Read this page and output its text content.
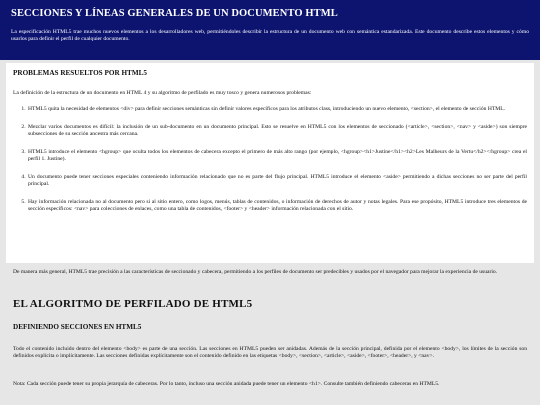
SECCIONES Y LÍNEAS GENERALES DE UN DOCUMENTO HTML

La especificación HTML5 trae muchos nuevos elementos a los desarrolladores web, permitiéndoles describir la estructura de un documento web con semántica estandarizada. Este documento describe estos elementos y cómo usarlos para definir el perfil de cualquier documento.

PROBLEMAS RESUELTOS POR HTML5

La definición de la estructura de un documento en HTML 4 y su algoritmo de perfilado es muy tosco y genera numerosos problemas:

1. HTML5 quita la necesidad de elementos <div> para definir secciones semánticas sin definir valores específicos para los atributos class, introduciendo un nuevo elemento, <section>, el elemento de sección HTML.
2. Mezclar varios documentos es difícil: la inclusión de un sub-documento en un documento principal. Esto se resuelve en HTML5 con los elementos de seccionado (<article>, <section>, <nav> y <aside>) son siempre subsecciones de su sección ancestra más cercana.
3. HTML5 introduce el elemento <hgroup> que oculta todos los elementos de cabecera excepto el primero de más alto rango (por ejemplo, <hgroup><h1>Justine</h1><h2>Les Malheurs de la Vertu</h2></hgroup> crea el perfil 1. Justine).
4. Un documento puede tener secciones especiales conteniendo información relacionado que no es parte del flujo principal. HTML5 introduce el elemento <aside> permitiendo a dichas secciones no ser parte del perfil principal.
5. Hay información relacionada no al documento pero si al sitio entero, como logos, menús, tablas de contenidos, o información de derechos de autor y notas legales. Para ese propósito, HTML5 introduce tres elementos de sección específicos: <nav> para colecciones de enlaces, como una tabla de contenidos, <footer> y <header> información relacionada con el sitio.

De manera más general, HTML5 trae precisión a las características de seccionado y cabecera, permitiendo a los perfiles de documento ser predecibles y usados por el navegador para mejorar la experiencia de usuario.

EL ALGORITMO DE PERFILADO DE HTML5
DEFINIENDO SECCIONES EN HTML5

Todo el contenido incluido dentro del elemento <body> es parte de una sección. Las secciones en HTML5 pueden ser anidadas. Además de la sección principal, definida por el elemento <body>, los límites de la sección son definidos explícita o implícitamente. Las secciones definidas explícitamente son el contenido definido en las etiquetas <body>, <section>, <article>, <aside>, <footer>, <header>, y <nav>.

Nota: Cada sección puede tener su propia jerarquía de cabeceras. Por lo tanto, incluso una sección anidada puede tener un elemento <h1>. Consulte también definiendo cabeceras en HTML5.
